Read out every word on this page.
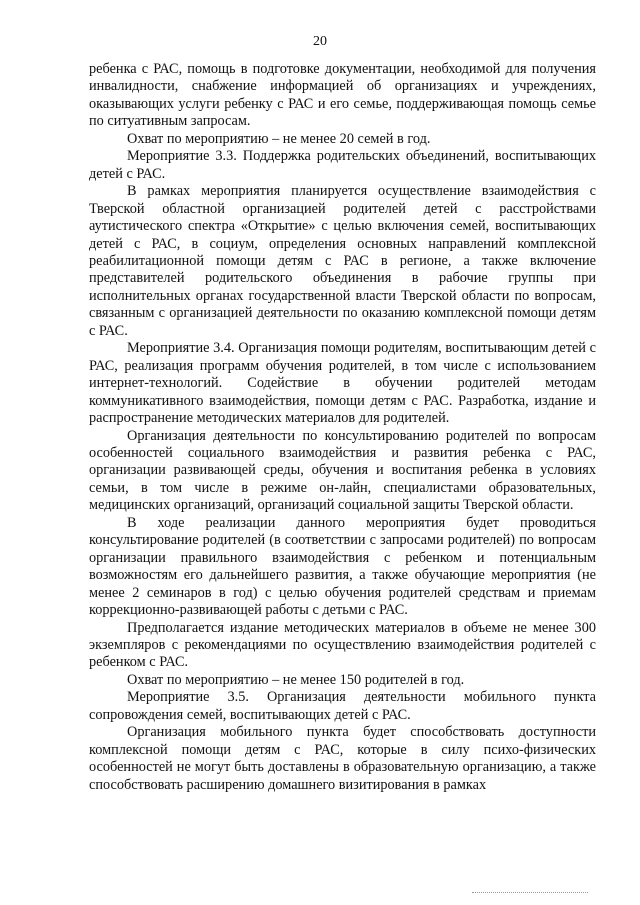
20

ребенка с РАС, помощь в подготовке документации, необходимой для получения инвалидности, снабжение информацией об организациях и учреждениях, оказывающих услуги ребенку с РАС и его семье, поддерживающая помощь семье по ситуативным запросам.

Охват по мероприятию – не менее 20 семей в год.

Мероприятие 3.3. Поддержка родительских объединений, воспитывающих детей с РАС.

В рамках мероприятия планируется осуществление взаимодействия с Тверской областной организацией родителей детей с расстройствами аутистического спектра «Открытие» с целью включения семей, воспитывающих детей с РАС, в социум, определения основных направлений комплексной реабилитационной помощи детям с РАС в регионе, а также включение представителей родительского объединения в рабочие группы при исполнительных органах государственной власти Тверской области по вопросам, связанным с организацией деятельности по оказанию комплексной помощи детям с РАС.

Мероприятие 3.4. Организация помощи родителям, воспитывающим детей с РАС, реализация программ обучения родителей, в том числе с использованием интернет-технологий. Содействие в обучении родителей методам коммуникативного взаимодействия, помощи детям с РАС. Разработка, издание и распространение методических материалов для родителей.

Организация деятельности по консультированию родителей по вопросам особенностей социального взаимодействия и развития ребенка с РАС, организации развивающей среды, обучения и воспитания ребенка в условиях семьи, в том числе в режиме он-лайн, специалистами образовательных, медицинских организаций, организаций социальной защиты Тверской области.

В ходе реализации данного мероприятия будет проводиться консультирование родителей (в соответствии с запросами родителей) по вопросам организации правильного взаимодействия с ребенком и потенциальным возможностям его дальнейшего развития, а также обучающие мероприятия (не менее 2 семинаров в год) с целью обучения родителей средствам и приемам коррекционно-развивающей работы с детьми с РАС.

Предполагается издание методических материалов в объеме не менее 300 экземпляров с рекомендациями по осуществлению взаимодействия родителей с ребенком с РАС.

Охват по мероприятию – не менее 150 родителей в год.

Мероприятие 3.5. Организация деятельности мобильного пункта сопровождения семей, воспитывающих детей с РАС.

Организация мобильного пункта будет способствовать доступности комплексной помощи детям с РАС, которые в силу психо-физических особенностей не могут быть доставлены в образовательную организацию, а также способствовать расширению домашнего визитирования в рамках
